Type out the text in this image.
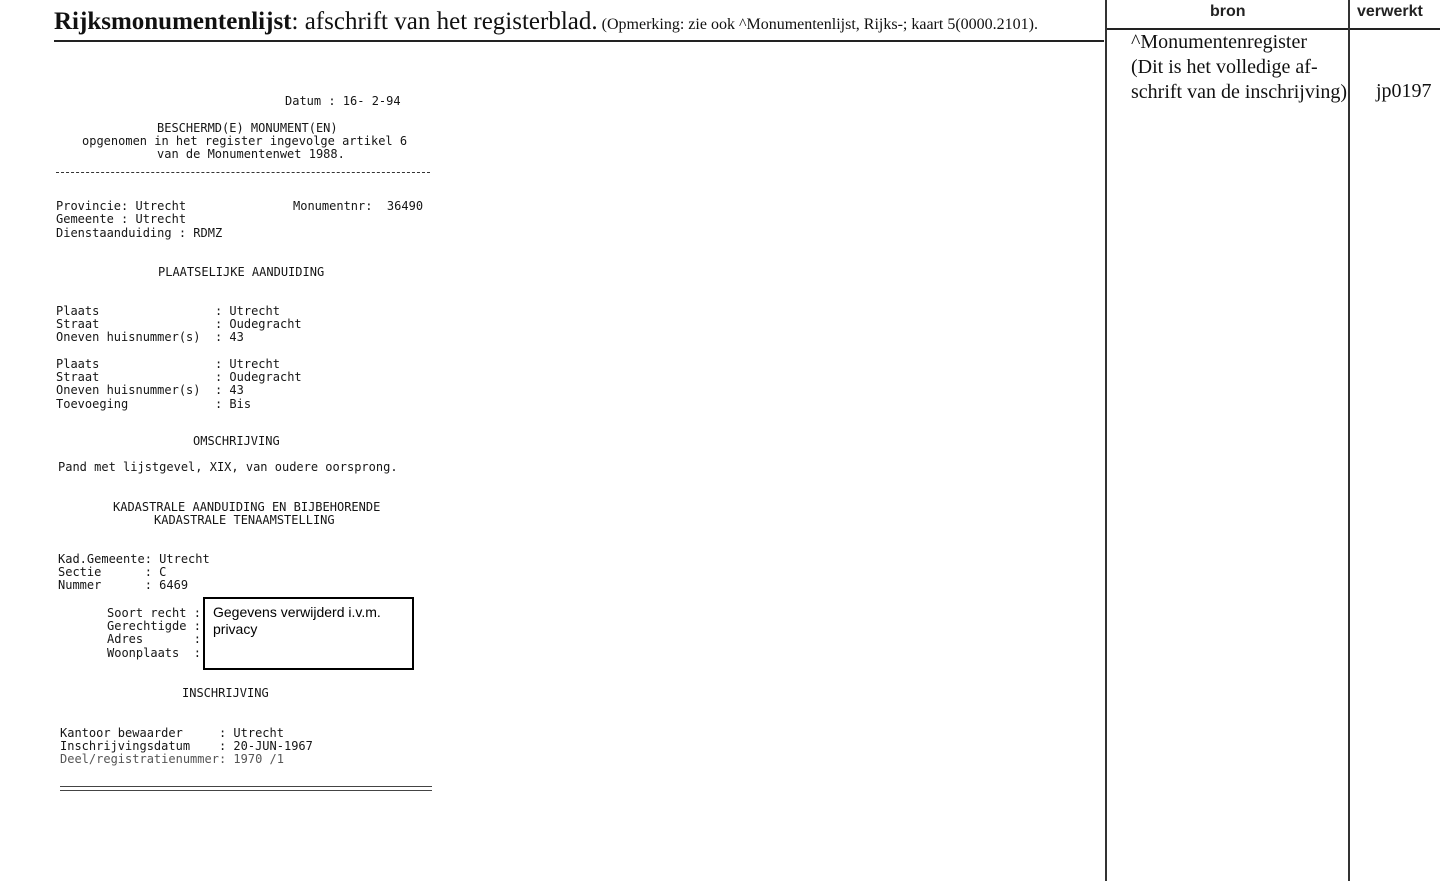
Rijksmonumentenlijst: afschrift van het registerblad. (Opmerking: zie ook ^Monumentenlijst, Rijks-; kaart 5(0000.2101).
bron	verwerkt
^Monumentenregister
(Dit is het volledige af-
schrift van de inschrijving) jp0197
Datum : 16- 2-94
BESCHERMD(E) MONUMENT(EN)
opgenomen in het register ingevolge artikel 6
van de Monumentenwet 1988.
Provincie: Utrecht	Monumentnr:  36490
Gemeente : Utrecht
Dienstaanduiding : RDMZ
PLAATSELIJKE AANDUIDING
Plaats                : Utrecht
Straat                : Oudegracht
Oneven huisnummer(s)  : 43
Plaats                : Utrecht
Straat                : Oudegracht
Oneven huisnummer(s)  : 43
Toevoeging            : Bis
OMSCHRIJVING
Pand met lijstgevel, XIX, van oudere oorsprong.
KADASTRALE AANDUIDING EN BIJBEHORENDE
KADASTRALE TENAAMSTELLING
Kad.Gemeente: Utrecht
Sectie      : C
Nummer      : 6469
Soort recht :
Gerechtigde :
Adres       :
Woonplaats  :
Gegevens verwijderd i.v.m. privacy
INSCHRIJVING
Kantoor bewaarder     : Utrecht
Inschrijvingsdatum    : 20-JUN-1967
Deel/registratienummer: 1970 /1
